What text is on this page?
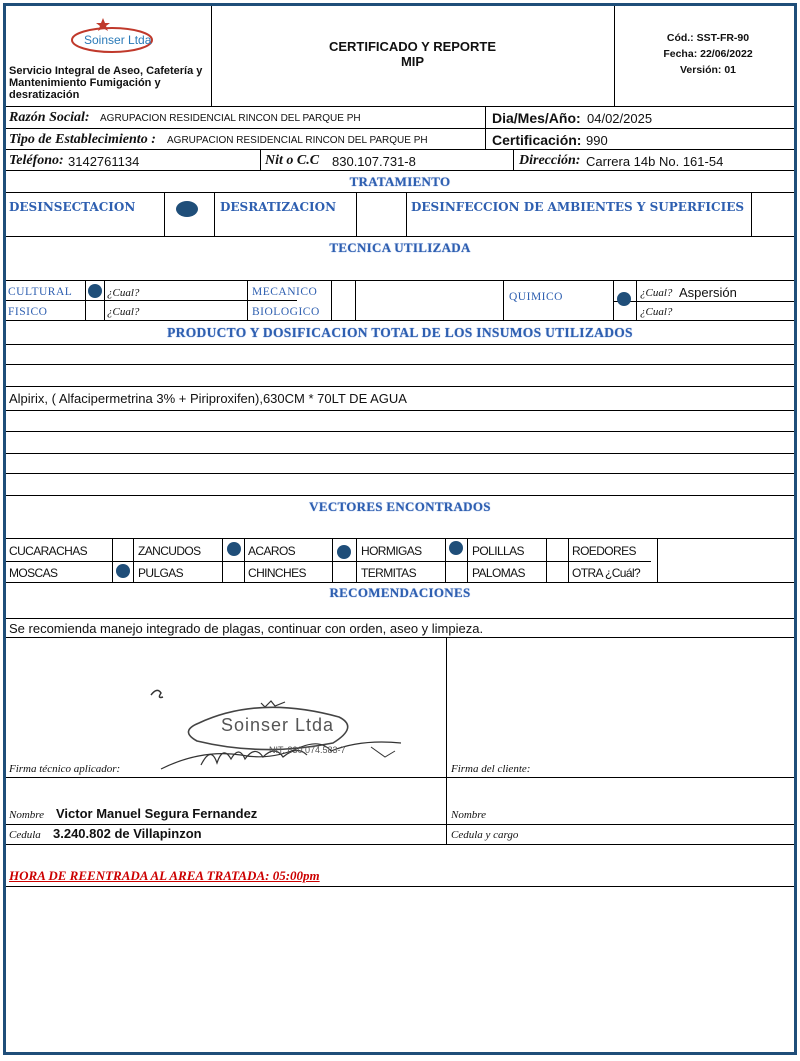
Soinser Ltda
Servicio Integral de Aseo, Cafetería y Mantenimiento Fumigación y desratización
CERTIFICADO Y REPORTE
MIP
Cód.: SST-FR-90
Fecha: 22/06/2022
Versión: 01
Razón Social: AGRUPACION RESIDENCIAL RINCON DEL PARQUE PH	Dia/Mes/Año: 04/02/2025
Tipo de Establecimiento : AGRUPACION RESIDENCIAL RINCON DEL PARQUE PH	Certificación: 990
Teléfono: 3142761134	Nit o C.C 830.107.731-8	Dirección: Carrera 14b No. 161-54
TRATAMIENTO
DESINSECTACION	DESRATIZACION	DESINFECCION DE AMBIENTES Y SUPERFICIES
TECNICA UTILIZADA
CULTURAL	¿Cual?	MECANICO	QUIMICO	¿Cual? Aspersión
FISICO	¿Cual?	BIOLOGICO	¿Cual?
PRODUCTO Y DOSIFICACION TOTAL DE LOS INSUMOS UTILIZADOS
Alpirix, ( Alfacipermetrina 3% + Piriproxifen),630CM * 70LT DE AGUA
VECTORES ENCONTRADOS
CUCARACHAS	ZANCUDOS	ACAROS	HORMIGAS	POLILLAS	ROEDORES
MOSCAS	PULGAS	CHINCHES	TERMITAS	PALOMAS	OTRA ¿Cuál?
RECOMENDACIONES
Se recomienda manejo integrado de plagas, continuar con orden, aseo y limpieza.
Soinser Ltda
NIT. 830.074.583-7
Firma técnico aplicador:	Firma del cliente:
Nombre Victor Manuel Segura Fernandez	Nombre
Cedula 3.240.802 de Villapinzon	Cedula y cargo
HORA DE REENTRADA AL AREA TRATADA: 05:00pm
